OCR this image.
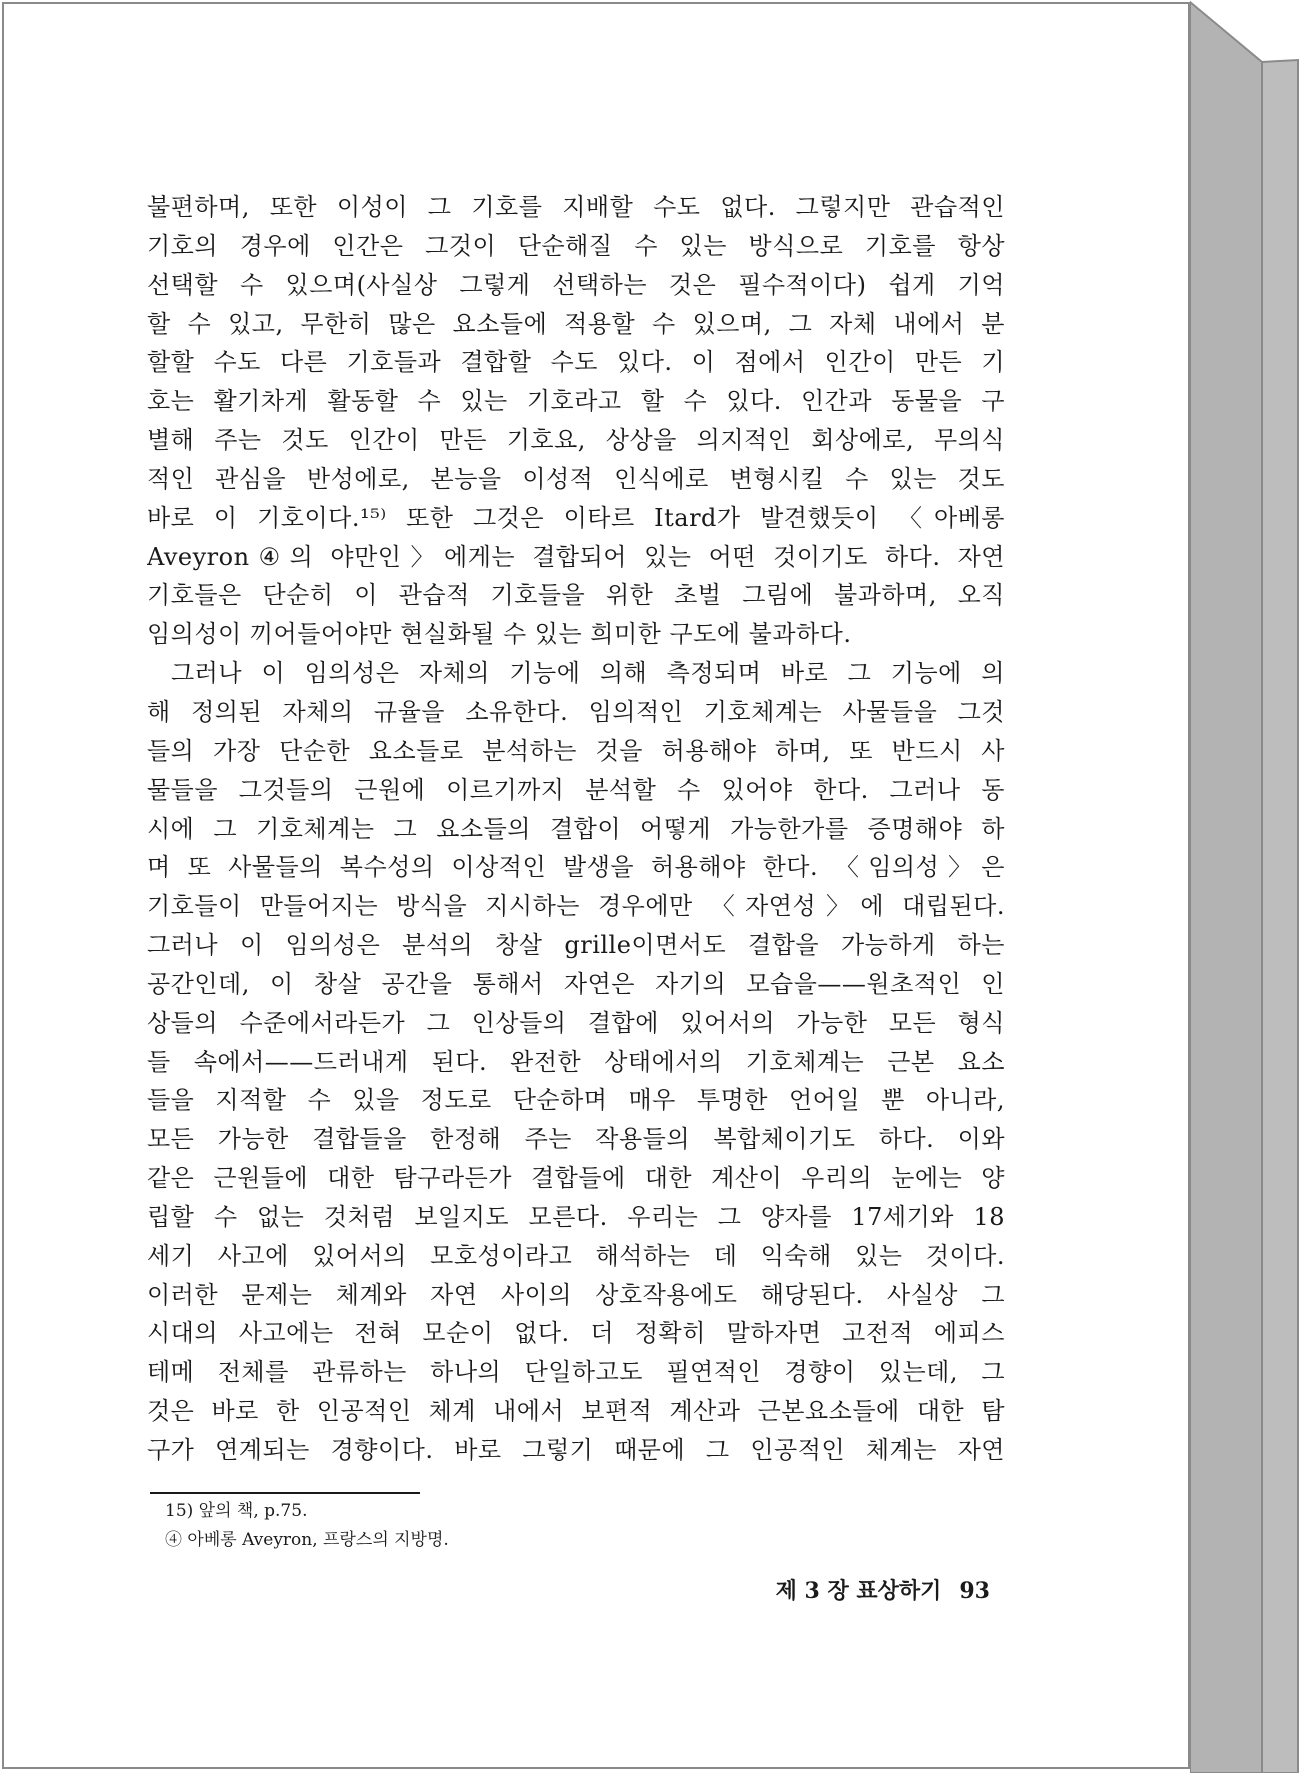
불편하며, 또한 이성이 그 기호를 지배할 수도 없다. 그렇지만 관습적인
기호의 경우에 인간은 그것이 단순해질 수 있는 방식으로 기호를 항상
선택할 수 있으며(사실상 그렇게 선택하는 것은 필수적이다) 쉽게 기억
할 수 있고, 무한히 많은 요소들에 적용할 수 있으며, 그 자체 내에서 분
할할 수도 다른 기호들과 결합할 수도 있다. 이 점에서 인간이 만든 기
호는 활기차게 활동할 수 있는 기호라고 할 수 있다. 인간과 동물을 구
별해 주는 것도 인간이 만든 기호요, 상상을 의지적인 회상에로, 무의식
적인 관심을 반성에로, 본능을 이성적 인식에로 변형시킬 수 있는 것도
바로 이 기호이다.¹⁵⁾ 또한 그것은 이타르 Itard가 발견했듯이 〈아베롱
Aveyron④의 야만인〉에게는 결합되어 있는 어떤 것이기도 하다. 자연
기호들은 단순히 이 관습적 기호들을 위한 초벌 그림에 불과하며, 오직
임의성이 끼어들어야만 현실화될 수 있는 희미한 구도에 불과하다.
그러나 이 임의성은 자체의 기능에 의해 측정되며 바로 그 기능에 의
해 정의된 자체의 규율을 소유한다. 임의적인 기호체계는 사물들을 그것
들의 가장 단순한 요소들로 분석하는 것을 허용해야 하며, 또 반드시 사
물들을 그것들의 근원에 이르기까지 분석할 수 있어야 한다. 그러나 동
시에 그 기호체계는 그 요소들의 결합이 어떻게 가능한가를 증명해야 하
며 또 사물들의 복수성의 이상적인 발생을 허용해야 한다. 〈임의성〉은
기호들이 만들어지는 방식을 지시하는 경우에만 〈자연성〉에 대립된다.
그러나 이 임의성은 분석의 창살 grille이면서도 결합을 가능하게 하는
공간인데, 이 창살 공간을 통해서 자연은 자기의 모습을——원초적인 인
상들의 수준에서라든가 그 인상들의 결합에 있어서의 가능한 모든 형식
들 속에서——드러내게 된다. 완전한 상태에서의 기호체계는 근본 요소
들을 지적할 수 있을 정도로 단순하며 매우 투명한 언어일 뿐 아니라,
모든 가능한 결합들을 한정해 주는 작용들의 복합체이기도 하다. 이와
같은 근원들에 대한 탐구라든가 결합들에 대한 계산이 우리의 눈에는 양
립할 수 없는 것처럼 보일지도 모른다. 우리는 그 양자를 17세기와 18
세기 사고에 있어서의 모호성이라고 해석하는 데 익숙해 있는 것이다.
이러한 문제는 체계와 자연 사이의 상호작용에도 해당된다. 사실상 그
시대의 사고에는 전혀 모순이 없다. 더 정확히 말하자면 고전적 에피스
테메 전체를 관류하는 하나의 단일하고도 필연적인 경향이 있는데, 그
것은 바로 한 인공적인 체계 내에서 보편적 계산과 근본요소들에 대한 탐
구가 연계되는 경향이다. 바로 그렇기 때문에 그 인공적인 체계는 자연
15) 앞의 책, p.75.
④ 아베롱 Aveyron, 프랑스의 지방명.
제 3 장 표상하기 93
